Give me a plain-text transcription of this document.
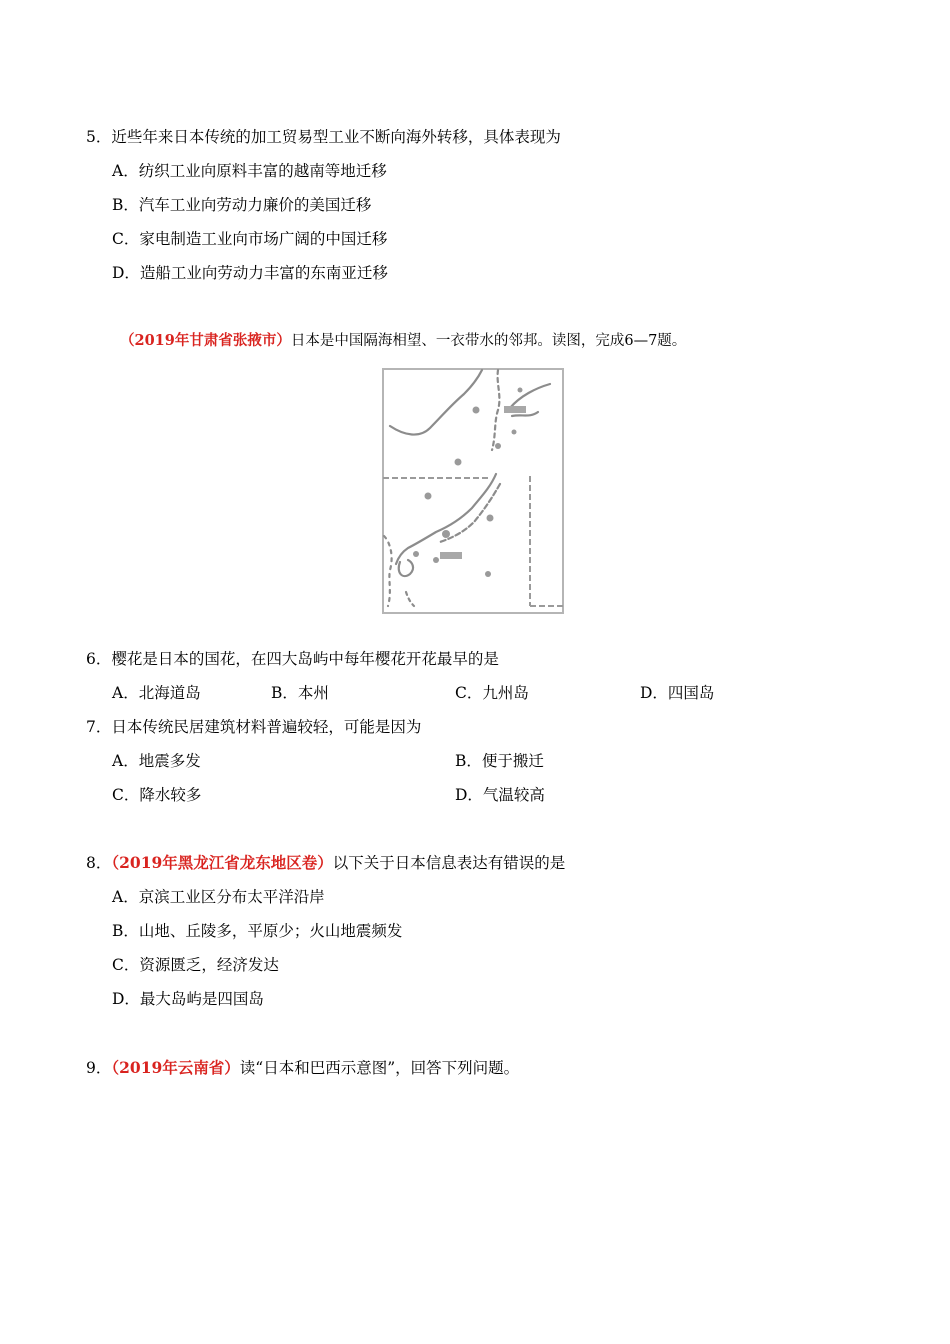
5．近些年来日本传统的加工贸易型工业不断向海外转移，具体表现为
A．纺织工业向原料丰富的越南等地迁移
B．汽车工业向劳动力廉价的美国迁移
C．家电制造工业向市场广阔的中国迁移
D．造船工业向劳动力丰富的东南亚迁移
（2019年甘肃省张掖市）日本是中国隔海相望、一衣带水的邻邦。读图，完成6—7题。
6．樱花是日本的国花，在四大岛屿中每年樱花开花最早的是
A．北海道岛	B．本州	C．九州岛	D．四国岛
7．日本传统民居建筑材料普遍较轻，可能是因为
A．地震多发	B．便于搬迁
C．降水较多	D．气温较高
8．（2019年黑龙江省龙东地区卷）以下关于日本信息表达有错误的是
A．京滨工业区分布太平洋沿岸
B．山地、丘陵多，平原少；火山地震频发
C．资源匮乏，经济发达
D．最大岛屿是四国岛
9．（2019年云南省）读“日本和巴西示意图”，回答下列问题。
